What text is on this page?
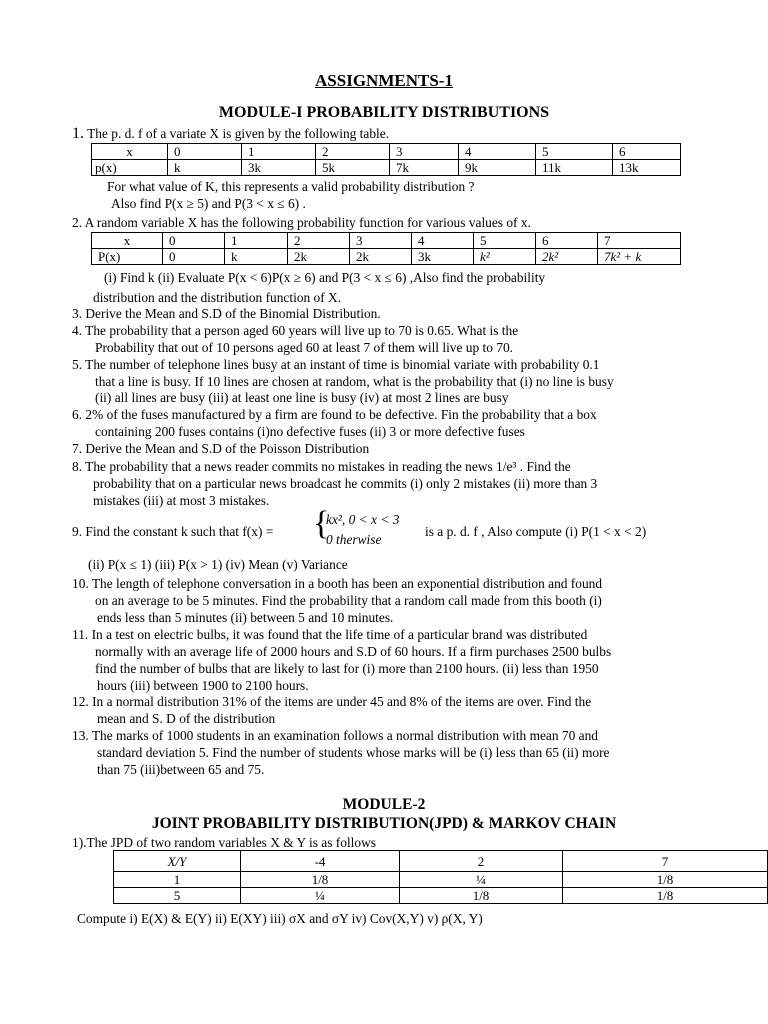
ASSIGNMENTS-1
MODULE-I PROBABILITY DISTRIBUTIONS
1. The p. d. f of a variate X is given by the following table.
x	0	1	2	3	4	5	6
p(x)	k	3k	5k	7k	9k	11k	13k
For what value of K, this represents a valid probability distribution ?
Also find P(x ≥ 5) and P(3 < x ≤ 6) .
2. A random variable X has the following probability function for various values of x.
x	0	1	2	3	4	5	6	7
P(x)	0	k	2k	2k	3k	k²	2k²	7k² + k
(i) Find k (ii) Evaluate P(x < 6)P(x ≥ 6) and P(3 < x ≤ 6) ,Also find the probability
distribution and the distribution function of X.
3. Derive the Mean and S.D of the Binomial Distribution.
4. The probability that a person aged 60 years will live up to 70 is 0.65. What is the
Probability that out of 10 persons aged 60 at least 7 of them will live up to 70.
5. The number of telephone lines busy at an instant of time is binomial variate with probability 0.1
that a line is busy. If 10 lines are chosen at random, what is the probability that (i) no line is busy
(ii) all lines are busy (iii) at least one line is busy (iv) at most 2 lines are busy
6. 2% of the fuses manufactured by a firm are found to be defective. Fin the probability that a box
containing 200 fuses contains (i)no defective fuses (ii) 3 or more defective fuses
7. Derive the Mean and S.D of the Poisson Distribution
8. The probability that a news reader commits no mistakes in reading the news 1/e³ . Find the
probability that on a particular news broadcast he commits (i) only 2 mistakes (ii) more than 3
mistakes (iii) at most 3 mistakes.
9. Find the constant k such that f(x) = {
kx², 0 < x < 3
0 therwise
is a p. d. f , Also compute (i) P(1 < x < 2)
(ii) P(x ≤ 1) (iii) P(x > 1) (iv) Mean (v) Variance
10. The length of telephone conversation in a booth has been an exponential distribution and found
on an average to be 5 minutes. Find the probability that a random call made from this booth (i)
ends less than 5 minutes (ii) between 5 and 10 minutes.
11. In a test on electric bulbs, it was found that the life time of a particular brand was distributed
normally with an average life of 2000 hours and S.D of 60 hours. If a firm purchases 2500 bulbs
find the number of bulbs that are likely to last for (i) more than 2100 hours. (ii) less than 1950
hours (iii) between 1900 to 2100 hours.
12. In a normal distribution 31% of the items are under 45 and 8% of the items are over. Find the
mean and S. D of the distribution
13. The marks of 1000 students in an examination follows a normal distribution with mean 70 and
standard deviation 5. Find the number of students whose marks will be (i) less than 65 (ii) more
than 75 (iii)between 65 and 75.
MODULE-2
JOINT PROBABILITY DISTRIBUTION(JPD) & MARKOV CHAIN
1).The JPD of two random variables X & Y is as follows
X/Y	-4	2	7
1	1/8	¼	1/8
5	¼	1/8	1/8
Compute i) E(X) & E(Y) ii) E(XY) iii) σX and σY iv) Cov(X,Y) v) ρ(X, Y)
